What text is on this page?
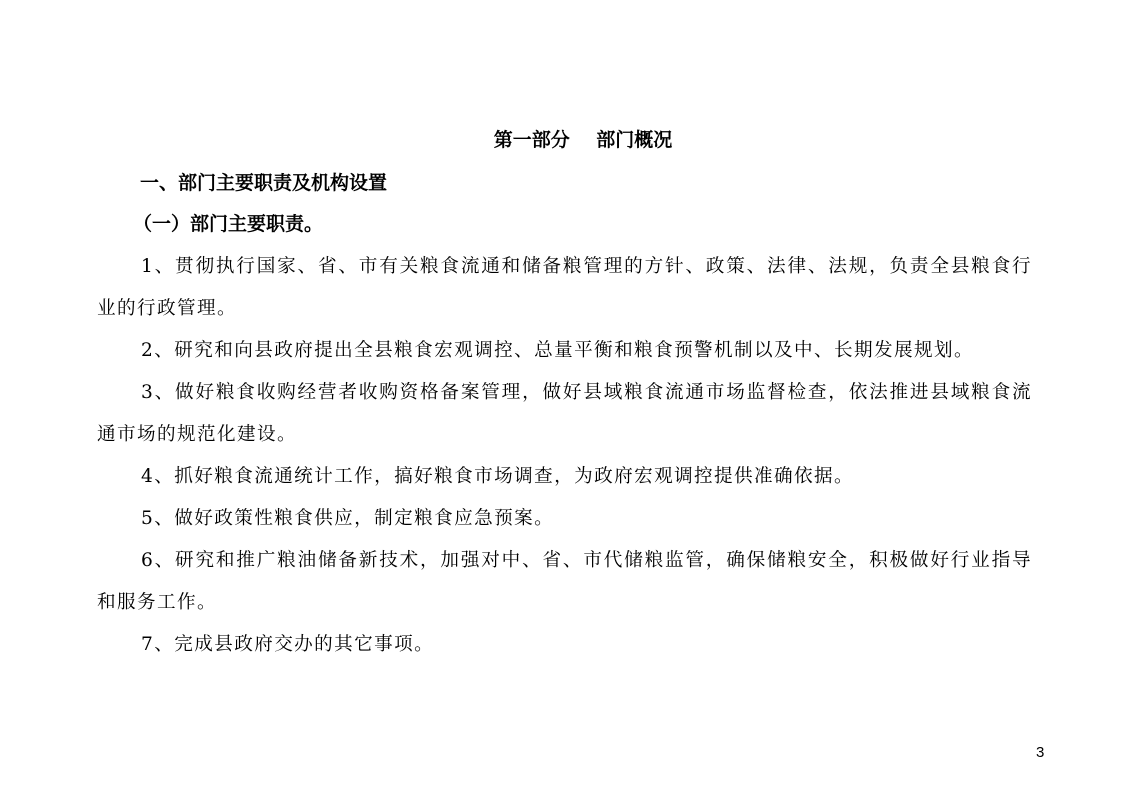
第一部分    部门概况
一、部门主要职责及机构设置
（一）部门主要职责。
1、贯彻执行国家、省、市有关粮食流通和储备粮管理的方针、政策、法律、法规，负责全县粮食行业的行政管理。
2、研究和向县政府提出全县粮食宏观调控、总量平衡和粮食预警机制以及中、长期发展规划。
3、做好粮食收购经营者收购资格备案管理，做好县域粮食流通市场监督检查，依法推进县域粮食流通市场的规范化建设。
4、抓好粮食流通统计工作，搞好粮食市场调查，为政府宏观调控提供准确依据。
5、做好政策性粮食供应，制定粮食应急预案。
6、研究和推广粮油储备新技术，加强对中、省、市代储粮监管，确保储粮安全，积极做好行业指导和服务工作。
7、完成县政府交办的其它事项。
3
